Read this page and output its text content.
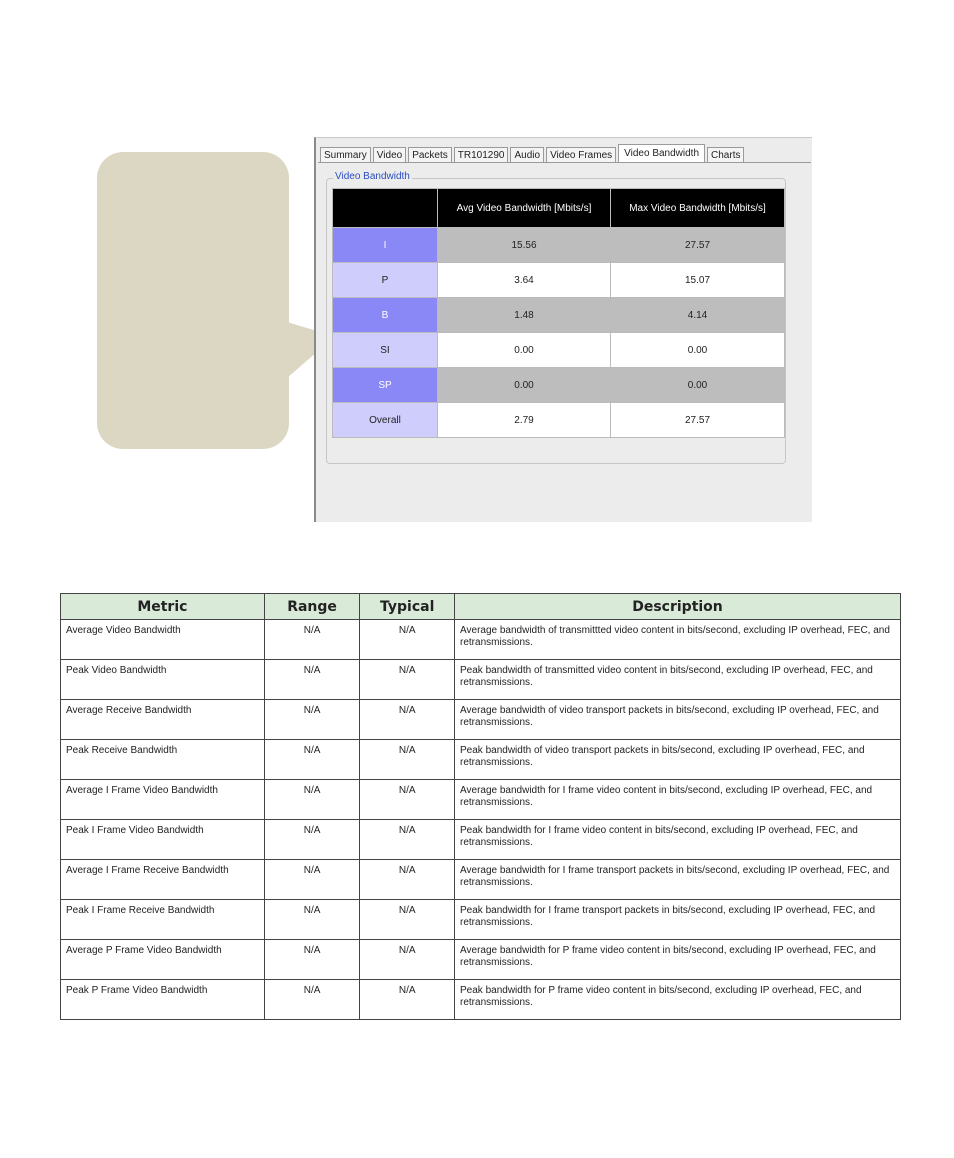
Summary	Video	Packets	TR101290	Audio	Video Frames	Video Bandwidth	Charts
Video Bandwidth
	Avg Video Bandwidth [Mbits/s]	Max Video Bandwidth [Mbits/s]
I	15.56	27.57
P	3.64	15.07
B	1.48	4.14
SI	0.00	0.00
SP	0.00	0.00
Overall	2.79	27.57
Metric	Range	Typical	Description
Average Video Bandwidth	N/A	N/A	Average bandwidth of transmittted video content in bits/second, excluding IP overhead, FEC, and retransmissions.
Peak Video Bandwidth	N/A	N/A	Peak bandwidth of transmitted video content in bits/second, excluding IP overhead, FEC, and retransmissions.
Average Receive Bandwidth	N/A	N/A	Average bandwidth of video transport packets in bits/second, excluding IP overhead, FEC, and retransmissions.
Peak Receive Bandwidth	N/A	N/A	Peak bandwidth of video transport packets in bits/second, excluding IP overhead, FEC, and retransmissions.
Average I Frame Video Bandwidth	N/A	N/A	Average bandwidth for I frame video content in bits/second, excluding IP overhead, FEC, and retransmissions.
Peak I Frame Video Bandwidth	N/A	N/A	Peak bandwidth for I frame video content in bits/second, excluding IP overhead, FEC, and retransmissions.
Average I Frame Receive Bandwidth	N/A	N/A	Average bandwidth for I frame transport packets in bits/second, excluding IP overhead, FEC, and retransmissions.
Peak I Frame Receive Bandwidth	N/A	N/A	Peak bandwidth for I frame transport packets in bits/second, excluding IP overhead, FEC, and retransmissions.
Average P Frame Video Bandwidth	N/A	N/A	Average bandwidth for P frame video content in bits/second, excluding IP overhead, FEC, and retransmissions.
Peak P Frame Video Bandwidth	N/A	N/A	Peak bandwidth for P frame video content in bits/second, excluding IP overhead, FEC, and retransmissions.
